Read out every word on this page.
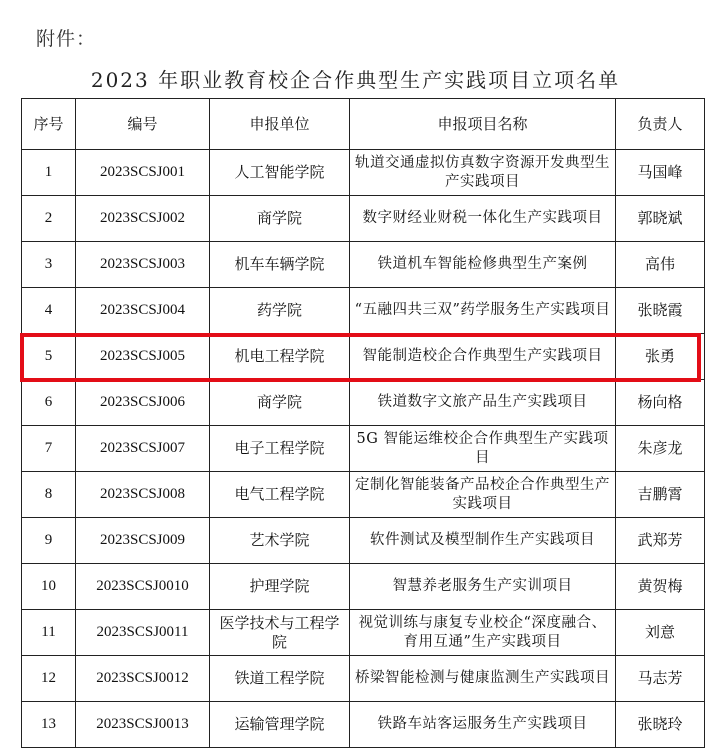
附件：
2023 年职业教育校企合作典型生产实践项目立项名单
序号	编号	申报单位	申报项目名称	负责人
1	2023SCSJ001	人工智能学院	轨道交通虚拟仿真数字资源开发典型生产实践项目	马国峰
2	2023SCSJ002	商学院	数字财经业财税一体化生产实践项目	郭晓斌
3	2023SCSJ003	机车车辆学院	铁道机车智能检修典型生产案例	高伟
4	2023SCSJ004	药学院	“五融四共三双”药学服务生产实践项目	张晓霞
5	2023SCSJ005	机电工程学院	智能制造校企合作典型生产实践项目	张勇
6	2023SCSJ006	商学院	铁道数字文旅产品生产实践项目	杨向格
7	2023SCSJ007	电子工程学院	5G 智能运维校企合作典型生产实践项目	朱彦龙
8	2023SCSJ008	电气工程学院	定制化智能装备产品校企合作典型生产实践项目	吉鹏霄
9	2023SCSJ009	艺术学院	软件测试及模型制作生产实践项目	武郑芳
10	2023SCSJ0010	护理学院	智慧养老服务生产实训项目	黄贺梅
11	2023SCSJ0011	医学技术与工程学院	视觉训练与康复专业校企“深度融合、育用互通”生产实践项目	刘意
12	2023SCSJ0012	铁道工程学院	桥梁智能检测与健康监测生产实践项目	马志芳
13	2023SCSJ0013	运输管理学院	铁路车站客运服务生产实践项目	张晓玲
